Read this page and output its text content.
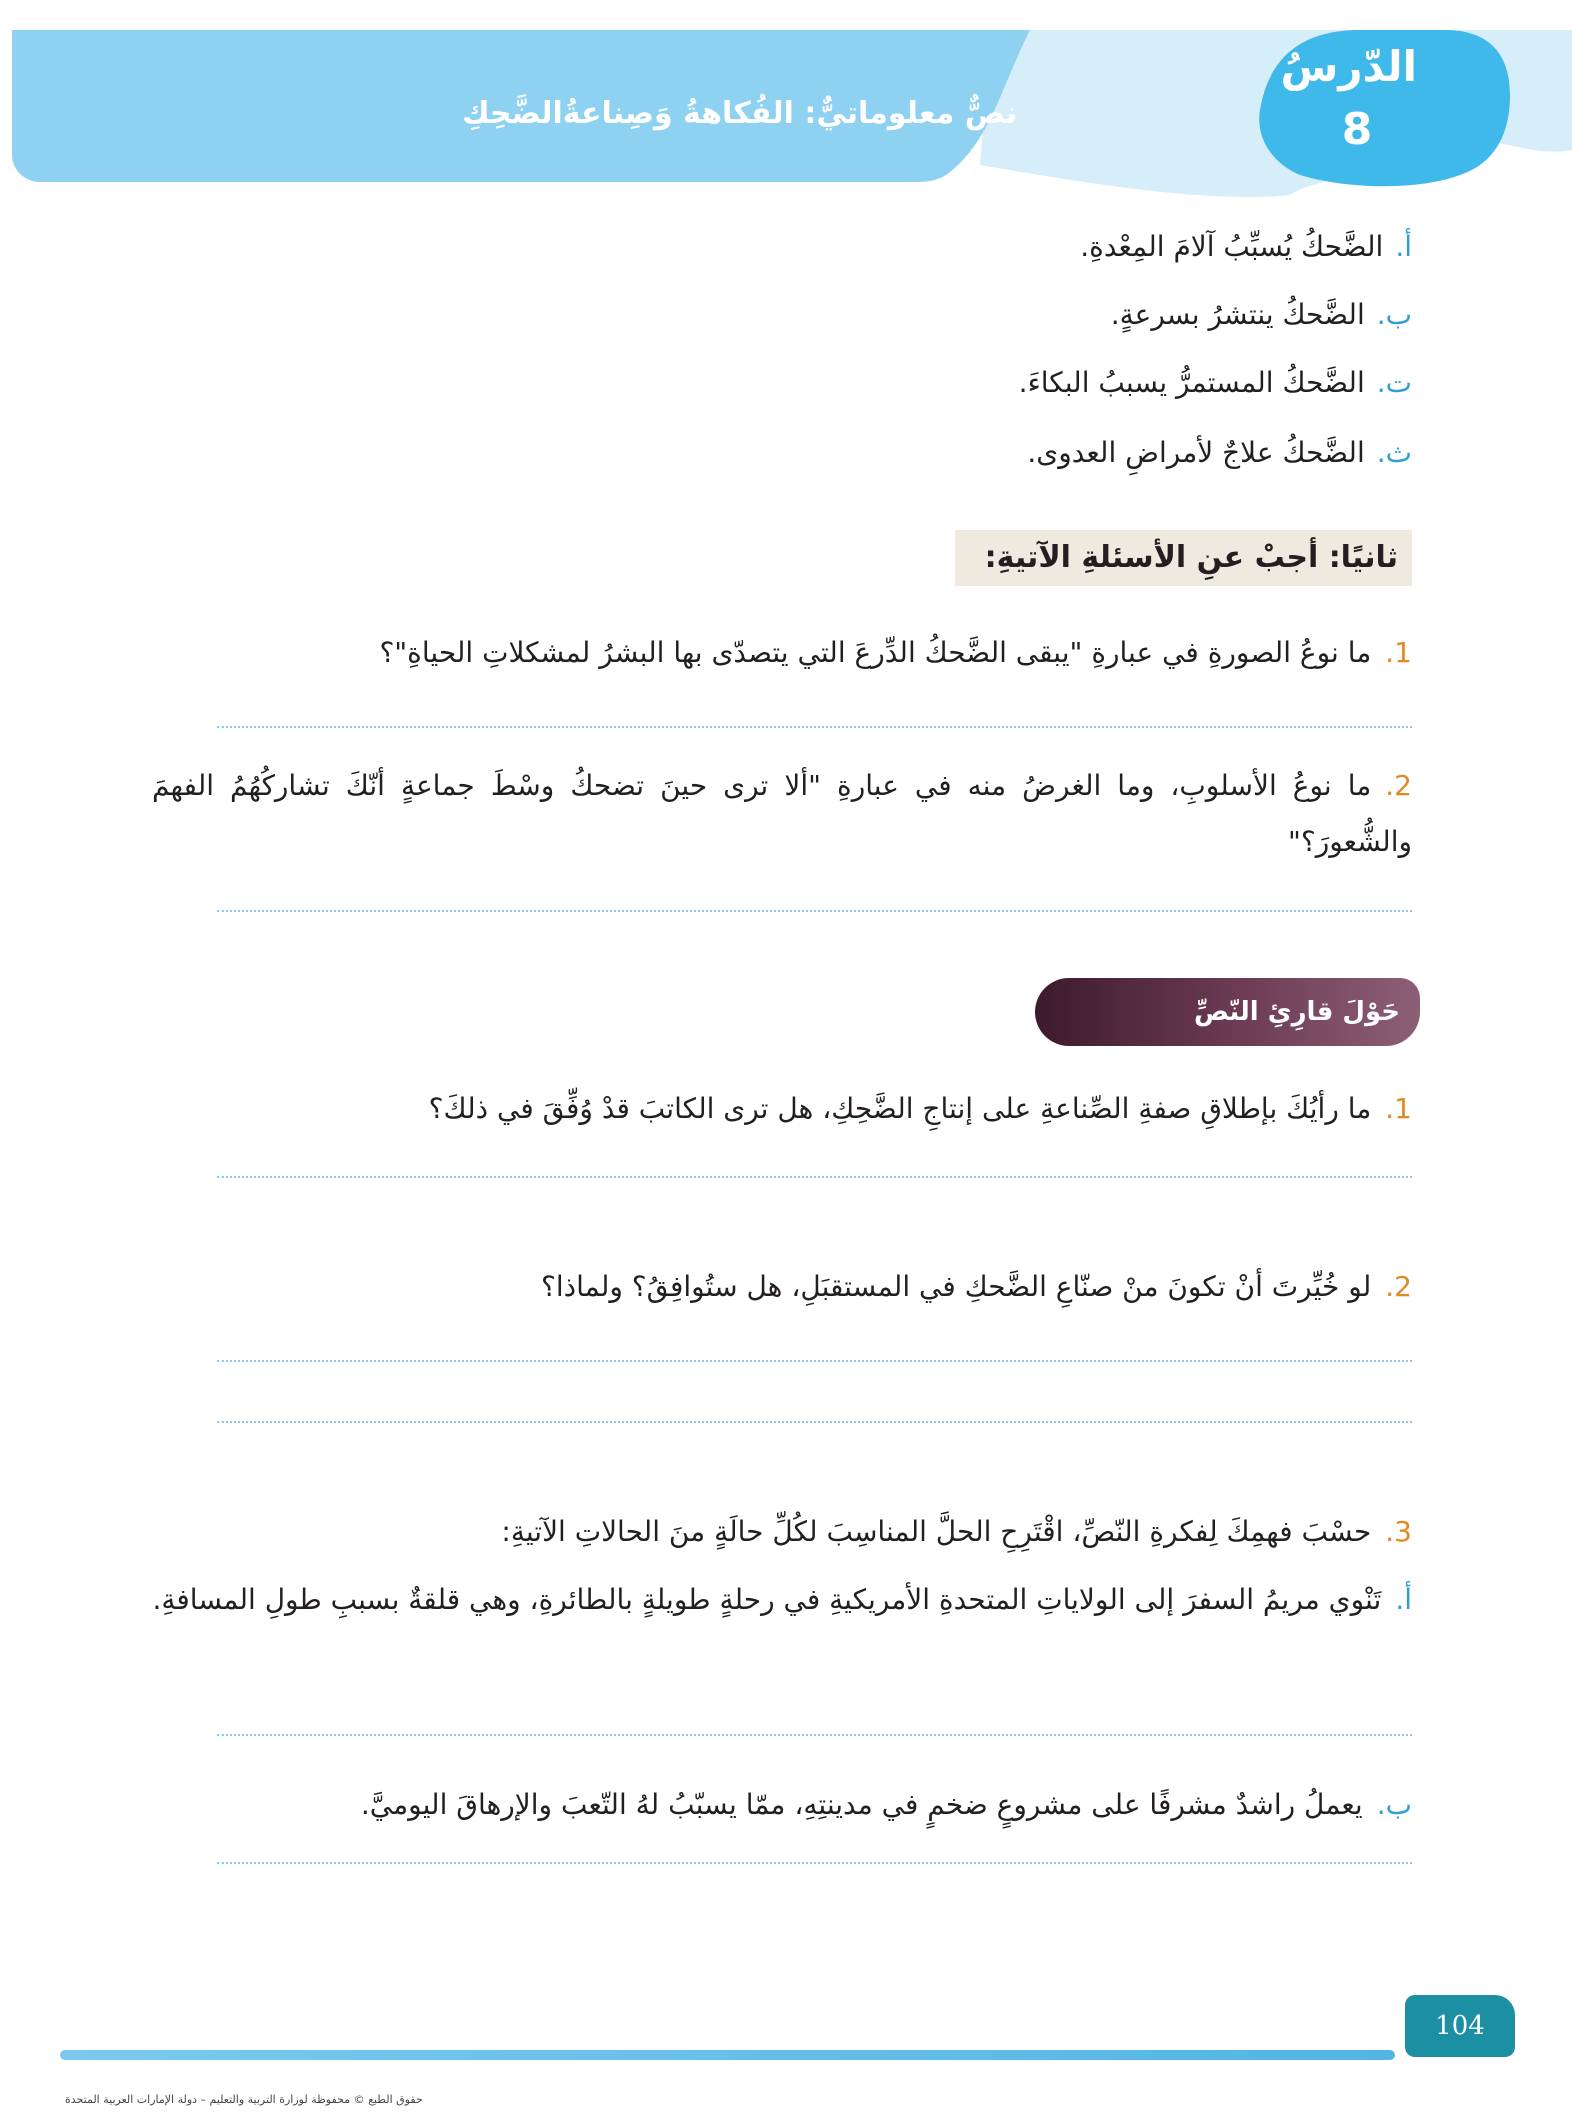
الدّرسُ
8
نصٌّ معلوماتيٌّ: الفُكاهةُ وَصِناعةُالضَّحِكِ
أ.الضَّحكُ يُسبِّبُ آلامَ المِعْدةِ.
ب.الضَّحكُ ينتشرُ بسرعةٍ.
ت.الضَّحكُ المستمرُّ يسببُ البكاءَ.
ث.الضَّحكُ علاجٌ لأمراضِ العدوى.
ثانيًا: أجبْ عنِ الأسئلةِ الآتيةِ:
1.ما نوعُ الصورةِ في عبارةِ "يبقى الضَّحكُ الدِّرعَ التي يتصدّى بها البشرُ لمشكلاتِ الحياةِ"؟
2.ما نوعُ الأسلوبِ، وما الغرضُ منه في عبارةِ "ألا ترى حينَ تضحكُ وسْطَ جماعةٍ أنّكَ تشاركُهُمُ الفهمَ والشُّعورَ؟"
حَوْلَ قارِئِ النّصِّ
1.ما رأيُكَ بإطلاقِ صفةِ الصِّناعةِ على إنتاجِ الضَّحِكِ، هل ترى الكاتبَ قدْ وُفِّقَ في ذلكَ؟
2.لو خُيِّرتَ أنْ تكونَ منْ صنّاعِ الضَّحكِ في المستقبَلِ، هل ستُوافِقُ؟ ولماذا؟
3.حسْبَ فهمِكَ لِفكرةِ النّصِّ، اقْتَرِحِ الحلَّ المناسِبَ لكُلِّ حالَةٍ منَ الحالاتِ الآتيةِ:
أ.تَنْوي مريمُ السفرَ إلى الولاياتِ المتحدةِ الأمريكيةِ في رحلةٍ طويلةٍ بالطائرةِ، وهي قلقةٌ بسببِ طولِ المسافةِ.
ب.يعملُ راشدٌ مشرفًا على مشروعٍ ضخمٍ في مدينتِهِ، ممّا يسبّبُ لهُ التّعبَ والإرهاقَ اليوميَّ.
104
حقوق الطبع © محفوظة لوزارة التربية والتعليم – دولة الإمارات العربية المتحدة
